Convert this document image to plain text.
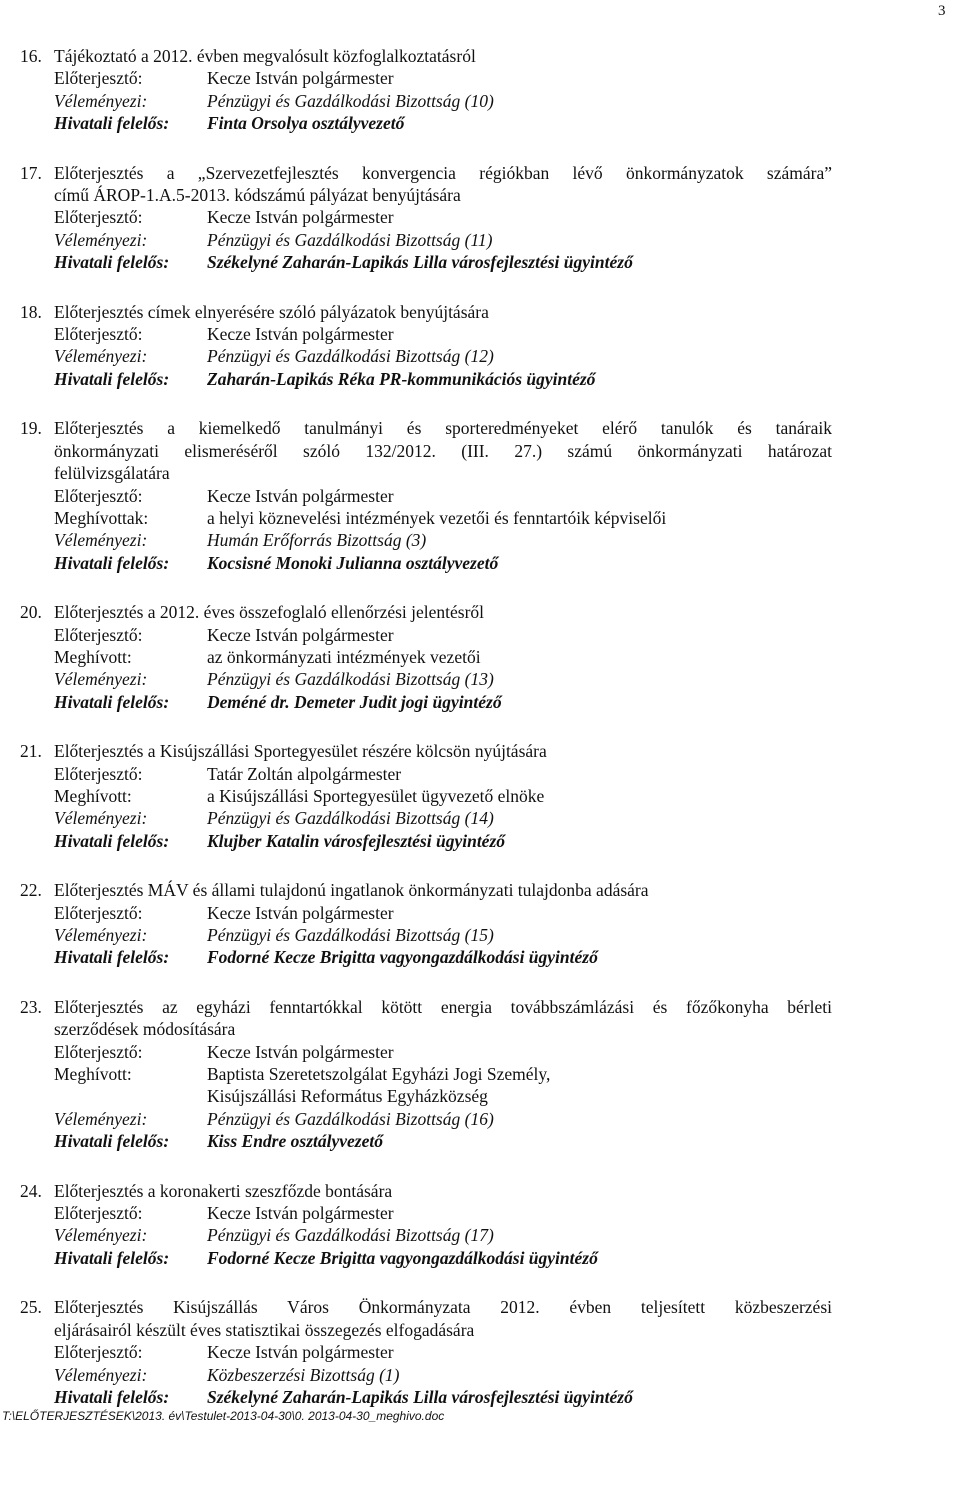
3
16. Tájékoztató a 2012. évben megvalósult közfoglalkoztatásról
Előterjesztő:	Kecze István polgármester
Véleményezi:	Pénzügyi és Gazdálkodási Bizottság (10)
Hivatali felelős:	Finta Orsolya osztályvezető
17. Előterjesztés a „Szervezetfejlesztés konvergencia régiókban lévő önkormányzatok számára”
című ÁROP-1.A.5-2013. kódszámú pályázat benyújtására
Előterjesztő:	Kecze István polgármester
Véleményezi:	Pénzügyi és Gazdálkodási Bizottság (11)
Hivatali felelős:	Székelyné Zaharán-Lapikás Lilla városfejlesztési ügyintéző
18. Előterjesztés címek elnyerésére szóló pályázatok benyújtására
Előterjesztő:	Kecze István polgármester
Véleményezi:	Pénzügyi és Gazdálkodási Bizottság (12)
Hivatali felelős:	Zaharán-Lapikás Réka PR-kommunikációs ügyintéző
19. Előterjesztés a kiemelkedő tanulmányi és sporteredményeket elérő tanulók és tanáraik
önkormányzati elismeréséről szóló 132/2012. (III. 27.) számú önkormányzati határozat
felülvizsgálatára
Előterjesztő:	Kecze István polgármester
Meghívottak:	a helyi köznevelési intézmények vezetői és fenntartóik képviselői
Véleményezi:	Humán Erőforrás Bizottság (3)
Hivatali felelős:	Kocsisné Monoki Julianna osztályvezető
20. Előterjesztés a 2012. éves összefoglaló ellenőrzési jelentésről
Előterjesztő:	Kecze István polgármester
Meghívott:	az önkormányzati intézmények vezetői
Véleményezi:	Pénzügyi és Gazdálkodási Bizottság (13)
Hivatali felelős:	Deméné dr. Demeter Judit jogi ügyintéző
21. Előterjesztés a Kisújszállási Sportegyesület részére kölcsön nyújtására
Előterjesztő:	Tatár Zoltán alpolgármester
Meghívott:	a Kisújszállási Sportegyesület ügyvezető elnöke
Véleményezi:	Pénzügyi és Gazdálkodási Bizottság (14)
Hivatali felelős:	Klujber Katalin városfejlesztési ügyintéző
22. Előterjesztés MÁV és állami tulajdonú ingatlanok önkormányzati tulajdonba adására
Előterjesztő:	Kecze István polgármester
Véleményezi:	Pénzügyi és Gazdálkodási Bizottság (15)
Hivatali felelős:	Fodorné Kecze Brigitta vagyongazdálkodási ügyintéző
23. Előterjesztés az egyházi fenntartókkal kötött energia továbbszámlázási és főzőkonyha bérleti
szerződések módosítására
Előterjesztő:	Kecze István polgármester
Meghívott:	Baptista Szeretetszolgálat Egyházi Jogi Személy,
Kisújszállási Református Egyházközség
Véleményezi:	Pénzügyi és Gazdálkodási Bizottság (16)
Hivatali felelős:	Kiss Endre osztályvezető
24. Előterjesztés a koronakerti szeszfőzde bontására
Előterjesztő:	Kecze István polgármester
Véleményezi:	Pénzügyi és Gazdálkodási Bizottság (17)
Hivatali felelős:	Fodorné Kecze Brigitta vagyongazdálkodási ügyintéző
25. Előterjesztés Kisújszállás Város Önkormányzata 2012. évben teljesített közbeszerzési
eljárásairól készült éves statisztikai összegezés elfogadására
Előterjesztő:	Kecze István polgármester
Véleményezi:	Közbeszerzési Bizottság (1)
Hivatali felelős:	Székelyné Zaharán-Lapikás Lilla városfejlesztési ügyintéző
T:\ELŐTERJESZTÉSEK\2013. év\Testulet-2013-04-30\0. 2013-04-30_meghivo.doc
